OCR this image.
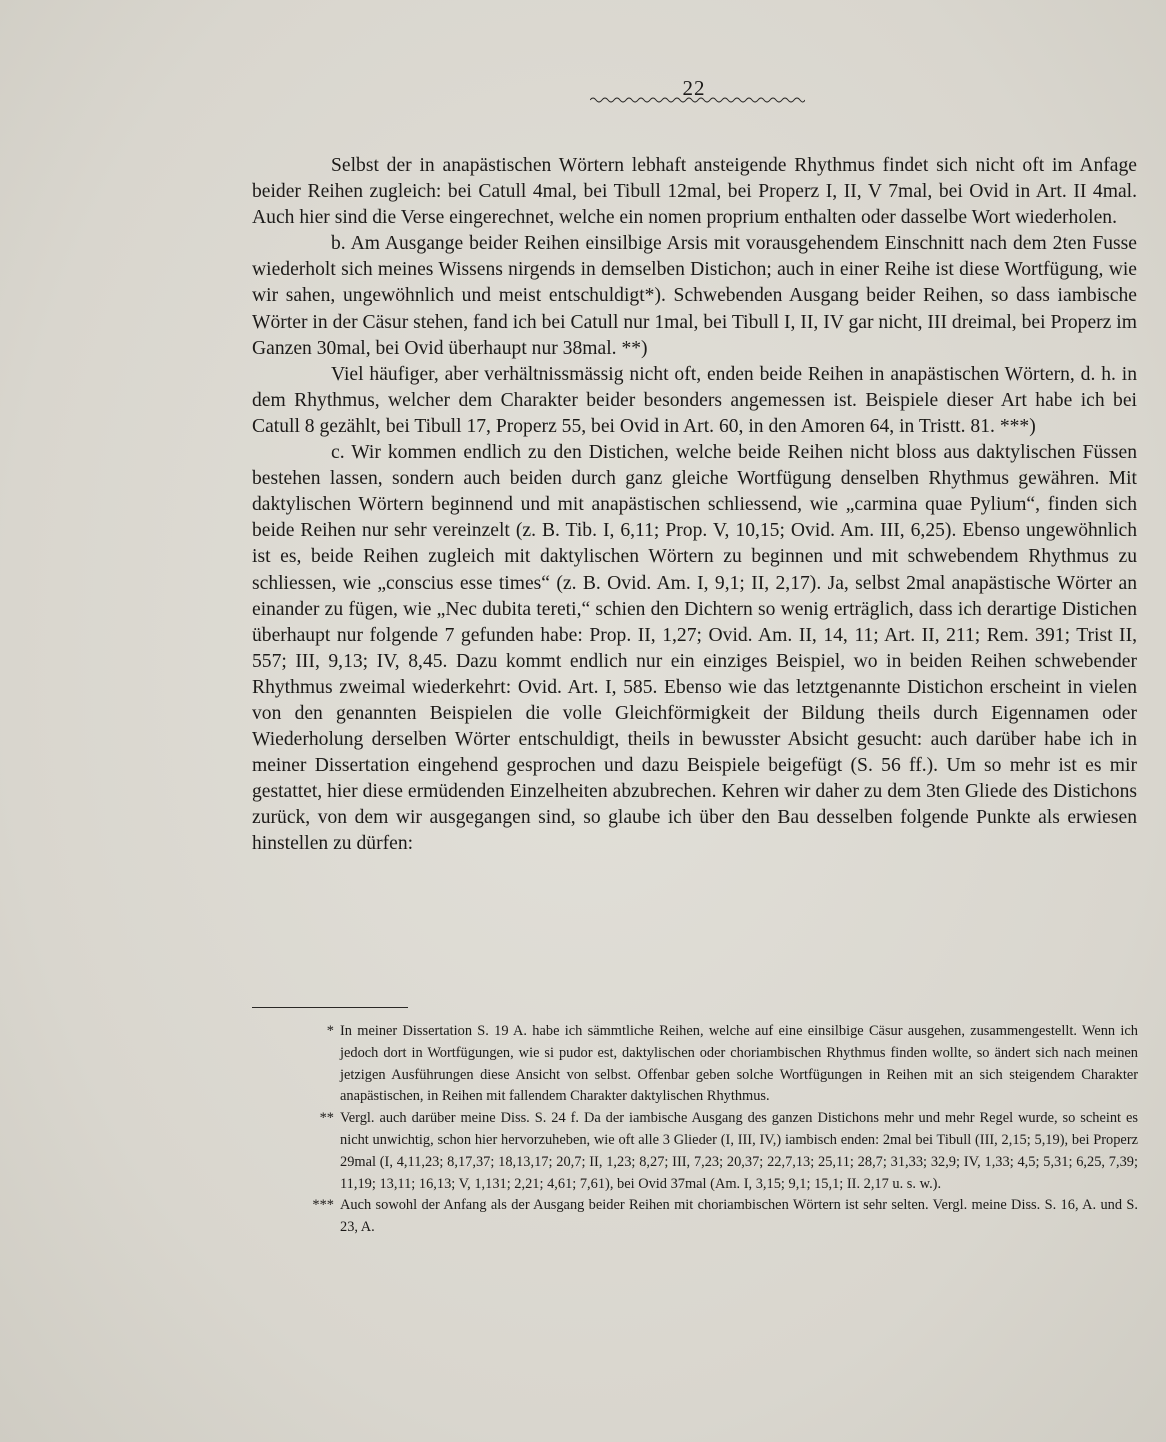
22

Selbst der in anapästischen Wörtern lebhaft ansteigende Rhythmus findet sich nicht oft im Anfage beider Reihen zugleich: bei Catull 4mal, bei Tibull 12mal, bei Properz I, II, V 7mal, bei Ovid in Art. II 4mal. Auch hier sind die Verse eingerechnet, welche ein nomen proprium enthalten oder dasselbe Wort wiederholen.

b. Am Ausgange beider Reihen einsilbige Arsis mit vorausgehendem Einschnitt nach dem 2ten Fusse wiederholt sich meines Wissens nirgends in demselben Distichon; auch in einer Reihe ist diese Wortfügung, wie wir sahen, ungewöhnlich und meist entschuldigt*). Schwebenden Ausgang beider Reihen, so dass iambische Wörter in der Cäsur stehen, fand ich bei Catull nur 1mal, bei Tibull I, II, IV gar nicht, III dreimal, bei Properz im Ganzen 30mal, bei Ovid überhaupt nur 38mal. **)

Viel häufiger, aber verhältnissmässig nicht oft, enden beide Reihen in anapästischen Wörtern, d. h. in dem Rhythmus, welcher dem Charakter beider besonders angemessen ist. Beispiele dieser Art habe ich bei Catull 8 gezählt, bei Tibull 17, Properz 55, bei Ovid in Art. 60, in den Amoren 64, in Tristt. 81. ***)

c. Wir kommen endlich zu den Distichen, welche beide Reihen nicht bloss aus daktylischen Füssen bestehen lassen, sondern auch beiden durch ganz gleiche Wortfügung denselben Rhythmus gewähren. Mit daktylischen Wörtern beginnend und mit anapästischen schliessend, wie „carmina quae Pylium“, finden sich beide Reihen nur sehr vereinzelt (z. B. Tib. I, 6,11; Prop. V, 10,15; Ovid. Am. III, 6,25). Ebenso ungewöhnlich ist es, beide Reihen zugleich mit daktylischen Wörtern zu beginnen und mit schwebendem Rhythmus zu schliessen, wie „conscius esse times“ (z. B. Ovid. Am. I, 9,1; II, 2,17). Ja, selbst 2mal anapästische Wörter an einander zu fügen, wie „Nec dubita tereti,“ schien den Dichtern so wenig erträglich, dass ich derartige Distichen überhaupt nur folgende 7 gefunden habe: Prop. II, 1,27; Ovid. Am. II, 14, 11; Art. II, 211; Rem. 391; Trist II, 557; III, 9,13; IV, 8,45. Dazu kommt endlich nur ein einziges Beispiel, wo in beiden Reihen schwebender Rhythmus zweimal wiederkehrt: Ovid. Art. I, 585. Ebenso wie das letztgenannte Distichon erscheint in vielen von den genannten Beispielen die volle Gleichförmigkeit der Bildung theils durch Eigennamen oder Wiederholung derselben Wörter entschuldigt, theils in bewusster Absicht gesucht: auch darüber habe ich in meiner Dissertation eingehend gesprochen und dazu Beispiele beigefügt (S. 56 ff.). Um so mehr ist es mir gestattet, hier diese ermüdenden Einzelheiten abzubrechen. Kehren wir daher zu dem 3ten Gliede des Distichons zurück, von dem wir ausgegangen sind, so glaube ich über den Bau desselben folgende Punkte als erwiesen hinstellen zu dürfen:

* In meiner Dissertation S. 19 A. habe ich sämmtliche Reihen, welche auf eine einsilbige Cäsur ausgehen, zusammengestellt. Wenn ich jedoch dort in Wortfügungen, wie si pudor est, daktylischen oder choriambischen Rhythmus finden wollte, so ändert sich nach meinen jetzigen Ausführungen diese Ansicht von selbst. Offenbar geben solche Wortfügungen in Reihen mit an sich steigendem Charakter anapästischen, in Reihen mit fallendem Charakter daktylischen Rhythmus.

** Vergl. auch darüber meine Diss. S. 24 f. Da der iambische Ausgang des ganzen Distichons mehr und mehr Regel wurde, so scheint es nicht unwichtig, schon hier hervorzuheben, wie oft alle 3 Glieder (I, III, IV,) iambisch enden: 2mal bei Tibull (III, 2,15; 5,19), bei Properz 29mal (I, 4,11,23; 8,17,37; 18,13,17; 20,7; II, 1,23; 8,27; III, 7,23; 20,37; 22,7,13; 25,11; 28,7; 31,33; 32,9; IV, 1,33; 4,5; 5,31; 6,25, 7,39; 11,19; 13,11; 16,13; V, 1,131; 2,21; 4,61; 7,61), bei Ovid 37mal (Am. I, 3,15; 9,1; 15,1; II. 2,17 u. s. w.).

*** Auch sowohl der Anfang als der Ausgang beider Reihen mit choriambischen Wörtern ist sehr selten. Vergl. meine Diss. S. 16, A. und S. 23, A.
